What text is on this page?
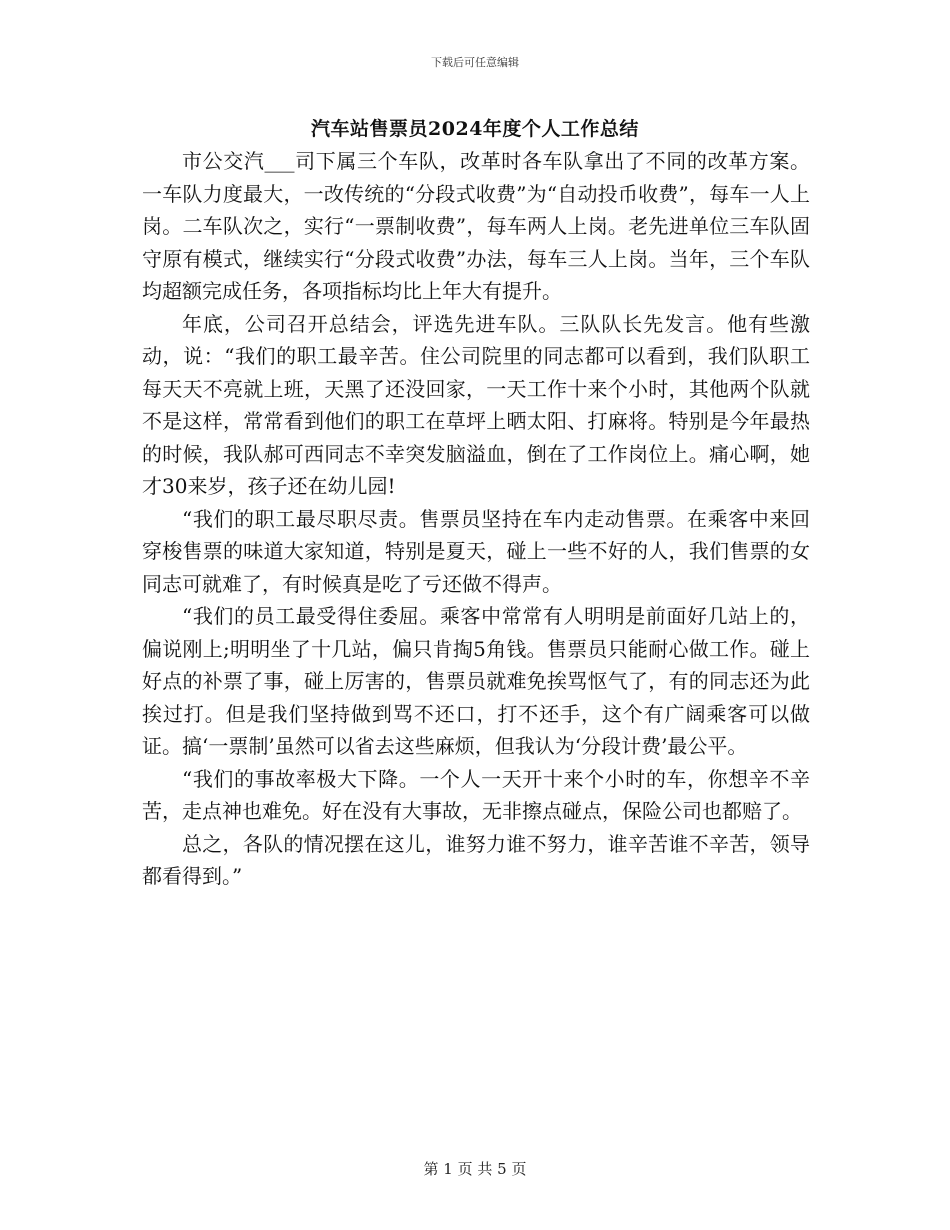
下载后可任意编辑
汽车站售票员2024年度个人工作总结

市公交汽___司下属三个车队，改革时各车队拿出了不同的改革方案。一车队力度最大，一改传统的“分段式收费”为“自动投币收费”，每车一人上岗。二车队次之，实行“一票制收费”，每车两人上岗。老先进单位三车队固守原有模式，继续实行“分段式收费”办法，每车三人上岗。当年，三个车队均超额完成任务，各项指标均比上年大有提升。

年底，公司召开总结会，评选先进车队。三队队长先发言。他有些激动，说：“我们的职工最辛苦。住公司院里的同志都可以看到，我们队职工每天天不亮就上班，天黑了还没回家，一天工作十来个小时，其他两个队就不是这样，常常看到他们的职工在草坪上晒太阳、打麻将。特别是今年最热的时候，我队郝可西同志不幸突发脑溢血，倒在了工作岗位上。痛心啊，她才30来岁，孩子还在幼儿园!

“我们的职工最尽职尽责。售票员坚持在车内走动售票。在乘客中来回穿梭售票的味道大家知道，特别是夏天，碰上一些不好的人，我们售票的女同志可就难了，有时候真是吃了亏还做不得声。

“我们的员工最受得住委屈。乘客中常常有人明明是前面好几站上的，偏说刚上;明明坐了十几站，偏只肯掏5角钱。售票员只能耐心做工作。碰上好点的补票了事，碰上厉害的，售票员就难免挨骂怄气了，有的同志还为此挨过打。但是我们坚持做到骂不还口，打不还手，这个有广阔乘客可以做证。搞‘一票制’虽然可以省去这些麻烦，但我认为‘分段计费’最公平。

“我们的事故率极大下降。一个人一天开十来个小时的车，你想辛不辛苦，走点神也难免。好在没有大事故，无非擦点碰点，保险公司也都赔了。

总之，各队的情况摆在这儿，谁努力谁不努力，谁辛苦谁不辛苦，领导都看得到。”

第 1 页 共 5 页
